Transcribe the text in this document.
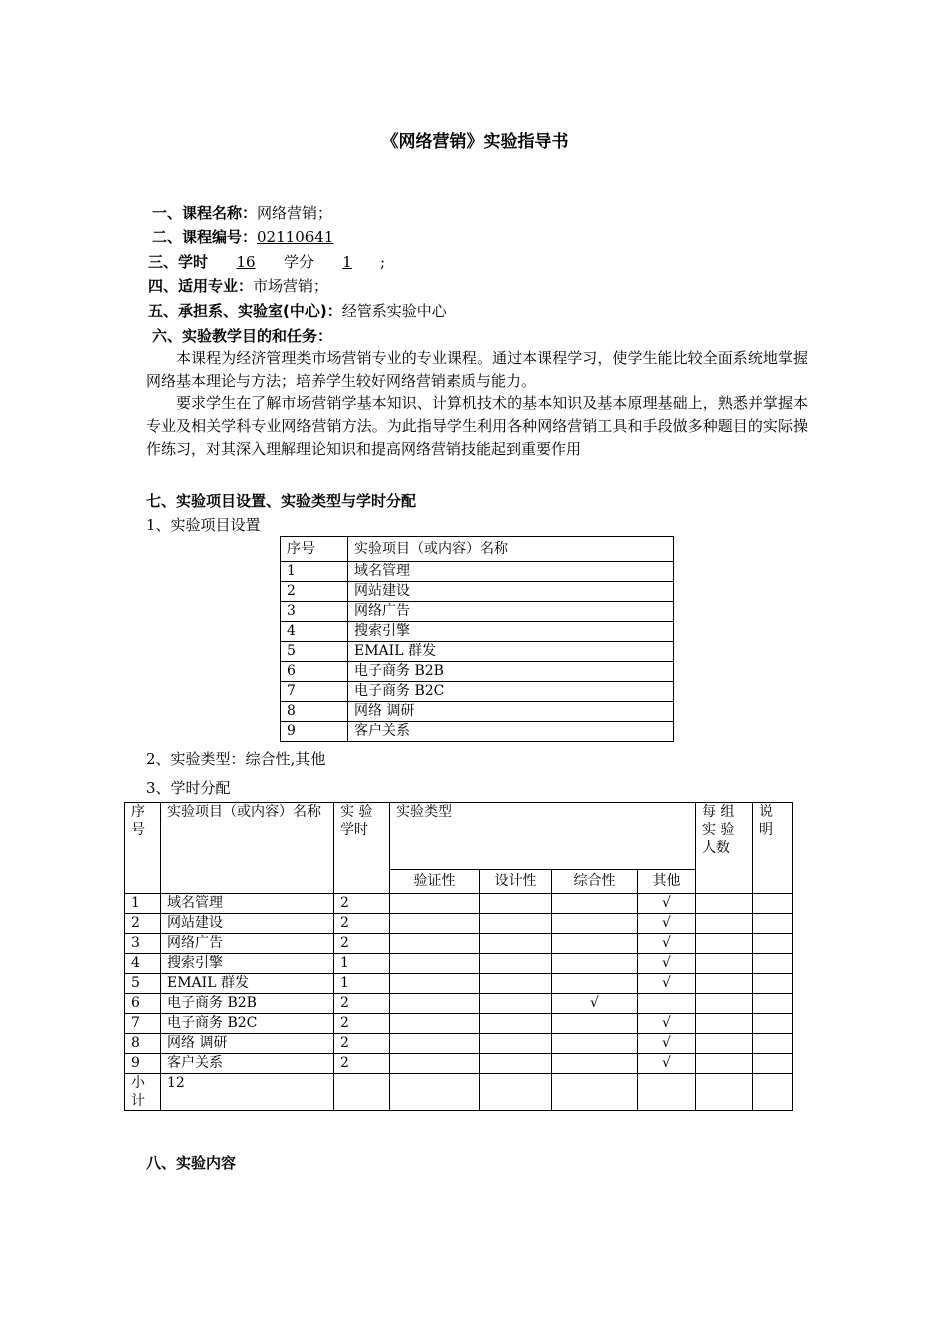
《网络营销》实验指导书
一、课程名称：网络营销；
二、课程编号：02110641
三、学时 16 学分 1 ;
四、适用专业：市场营销；
五、承担系、实验室(中心)：经管系实验中心
六、实验教学目的和任务：
本课程为经济管理类市场营销专业的专业课程。通过本课程学习，使学生能比较全面系统地掌握网络基本理论与方法；培养学生较好网络营销素质与能力。
要求学生在了解市场营销学基本知识、计算机技术的基本知识及基本原理基础上，熟悉并掌握本专业及相关学科专业网络营销方法。为此指导学生利用各种网络营销工具和手段做多种题目的实际操作练习，对其深入理解理论知识和提高网络营销技能起到重要作用
七、实验项目设置、实验类型与学时分配
1、实验项目设置
序号	实验项目（或内容）名称
1	域名管理
2	网站建设
3	网络广告
4	搜索引擎
5	EMAIL 群发
6	电子商务 B2B
7	电子商务 B2C
8	网络 调研
9	客户关系
2、实验类型：综合性,其他
3、学时分配
序号	实验项目（或内容）名称	实 验 学时	实验类型				每 组 实 验 人数	说明
			验证性	设计性	综合性	其他		
1	域名管理	2				√		
2	网站建设	2				√		
3	网络广告	2				√		
4	搜索引擎	1				√		
5	EMAIL 群发	1				√		
6	电子商务 B2B	2			√			
7	电子商务 B2C	2				√		
8	网络 调研	2				√		
9	客户关系	2				√		
小计	12							
八、实验内容
